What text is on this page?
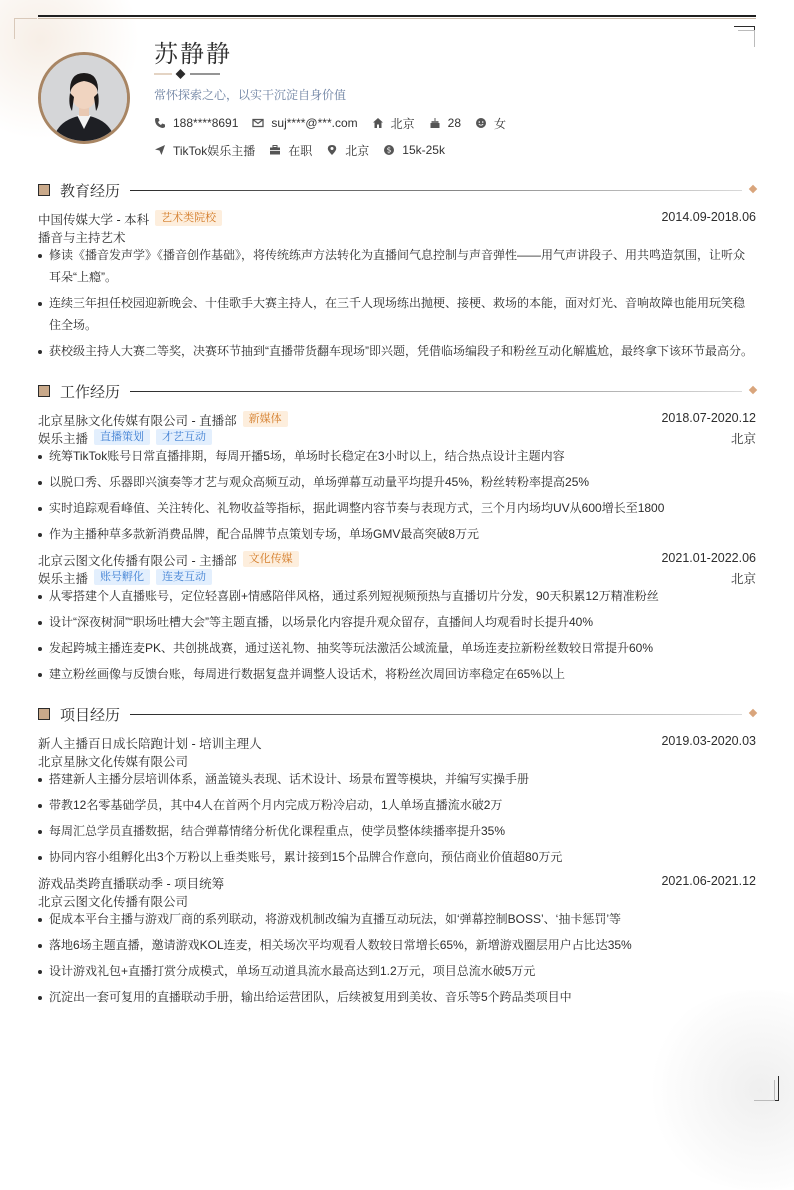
苏静静
常怀探索之心，以实干沉淀自身价值
188****8691	suj****@***.com	北京	28	女
TikTok娱乐主播	在职	北京 $ 15k-25k
教育经历
中国传媒大学 - 本科 艺术类院校	2014.09-2018.06
播音与主持艺术
修读《播音发声学》《播音创作基础》，将传统练声方法转化为直播间气息控制与声音弹性——用气声讲段子、用共鸣造氛围，让听众耳朵“上瘾”。
连续三年担任校园迎新晚会、十佳歌手大赛主持人，在三千人现场练出抛梗、接梗、救场的本能，面对灯光、音响故障也能用玩笑稳住全场。
获校级主持人大赛二等奖，决赛环节抽到“直播带货翻车现场”即兴题，凭借临场编段子和粉丝互动化解尴尬，最终拿下该环节最高分。
工作经历
北京星脉文化传媒有限公司 - 直播部 新媒体	2018.07-2020.12
娱乐主播 直播策划 才艺互动	北京
统筹TikTok账号日常直播排期，每周开播5场，单场时长稳定在3小时以上，结合热点设计主题内容
以脱口秀、乐器即兴演奏等才艺与观众高频互动，单场弹幕互动量平均提升45%，粉丝转粉率提高25%
实时追踪观看峰值、关注转化、礼物收益等指标，据此调整内容节奏与表现方式，三个月内场均UV从600增长至1800
作为主播种草多款新消费品牌，配合品牌节点策划专场，单场GMV最高突破8万元
北京云图文化传播有限公司 - 主播部 文化传媒	2021.01-2022.06
娱乐主播 账号孵化 连麦互动	北京
从零搭建个人直播账号，定位轻喜剧+情感陪伴风格，通过系列短视频预热与直播切片分发，90天积累12万精准粉丝
设计“深夜树洞”“职场吐槽大会”等主题直播，以场景化内容提升观众留存，直播间人均观看时长提升40%
发起跨城主播连麦PK、共创挑战赛，通过送礼物、抽奖等玩法激活公域流量，单场连麦拉新粉丝数较日常提升60%
建立粉丝画像与反馈台账，每周进行数据复盘并调整人设话术，将粉丝次周回访率稳定在65%以上
项目经历
新人主播百日成长陪跑计划 - 培训主理人	2019.03-2020.03
北京星脉文化传媒有限公司
搭建新人主播分层培训体系，涵盖镜头表现、话术设计、场景布置等模块，并编写实操手册
带教12名零基础学员，其中4人在首两个月内完成万粉冷启动，1人单场直播流水破2万
每周汇总学员直播数据，结合弹幕情绪分析优化课程重点，使学员整体续播率提升35%
协同内容小组孵化出3个万粉以上垂类账号，累计接到15个品牌合作意向，预估商业价值超80万元
游戏品类跨直播联动季 - 项目统筹	2021.06-2021.12
北京云图文化传播有限公司
促成本平台主播与游戏厂商的系列联动，将游戏机制改编为直播互动玩法，如‘弹幕控制BOSS’、‘抽卡惩罚’等
落地6场主题直播，邀请游戏KOL连麦，相关场次平均观看人数较日常增长65%，新增游戏圈层用户占比达35%
设计游戏礼包+直播打赏分成模式，单场互动道具流水最高达到1.2万元，项目总流水破5万元
沉淀出一套可复用的直播联动手册，输出给运营团队，后续被复用到美妆、音乐等5个跨品类项目中
